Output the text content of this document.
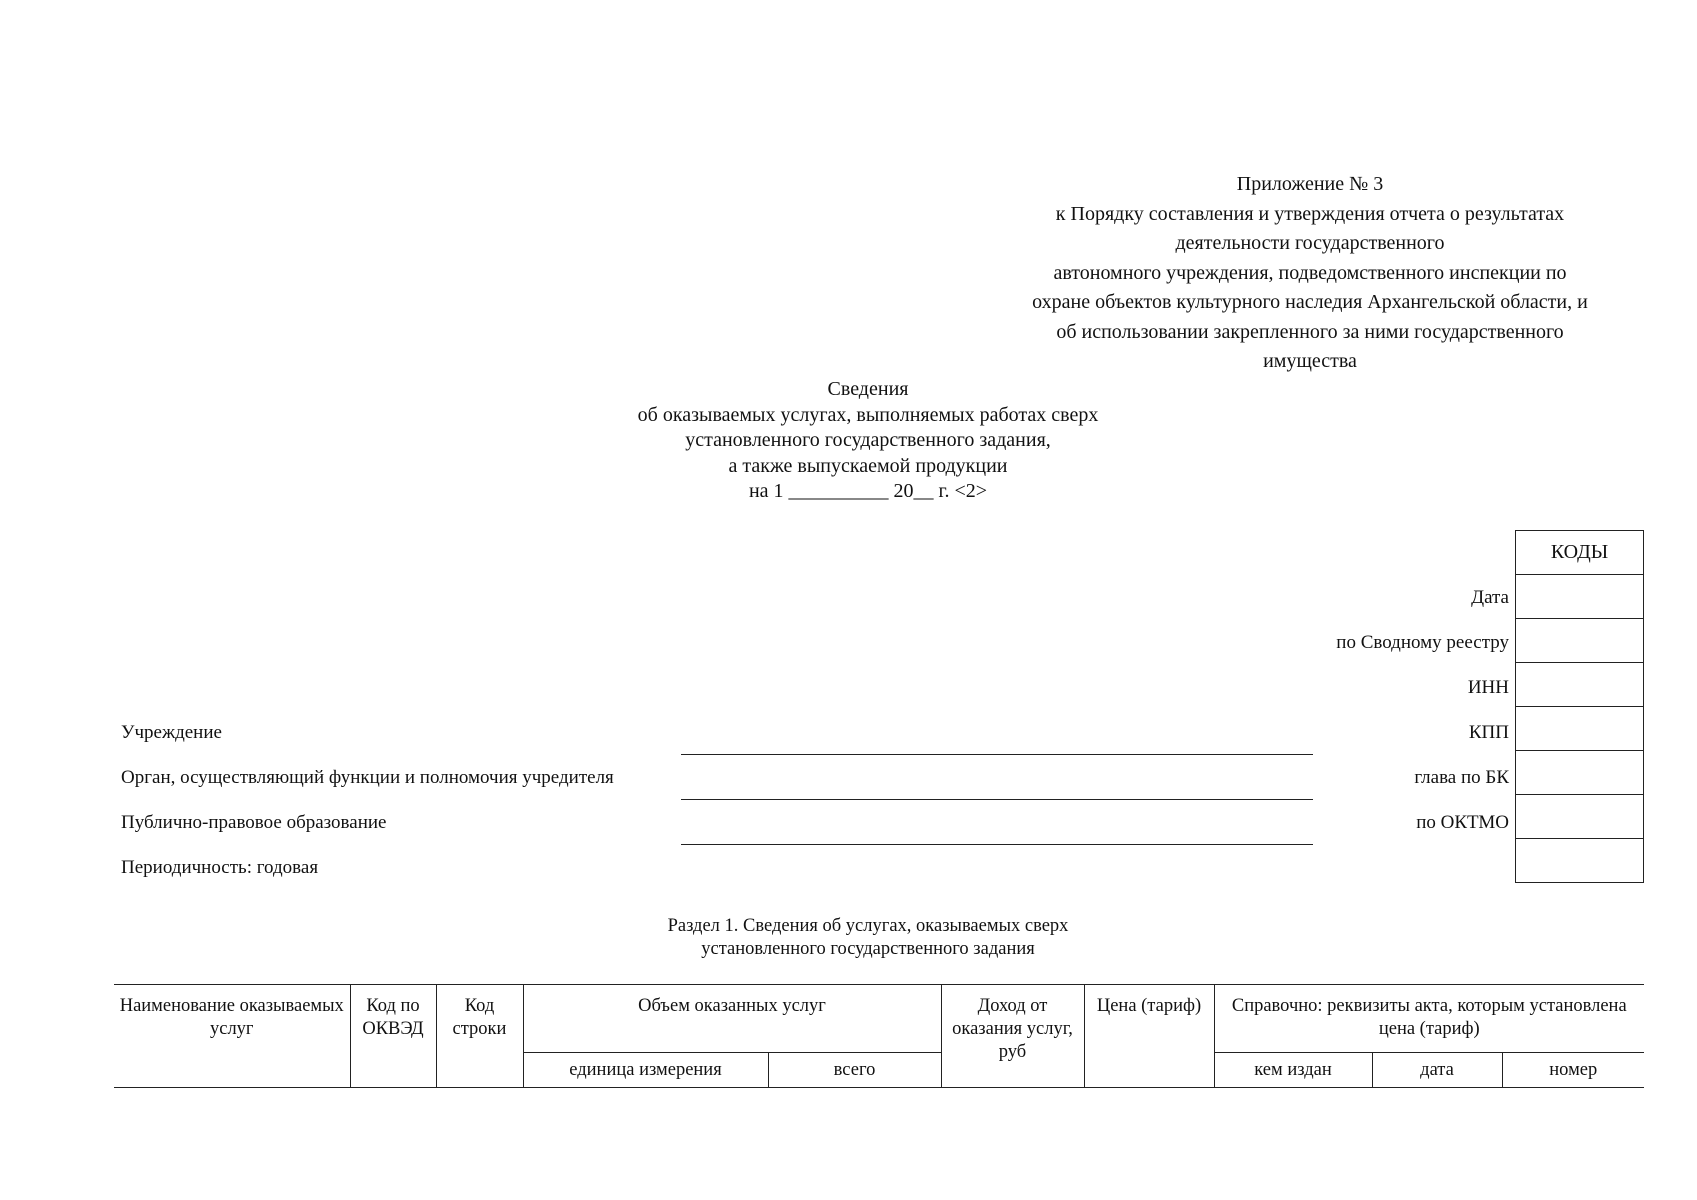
Приложение № 3
к Порядку составления и утверждения отчета о результатах
деятельности государственного
автономного учреждения, подведомственного инспекции по
охране объектов культурного наследия Архангельской области, и
об использовании закрепленного за ними государственного
имущества
Сведения
об оказываемых услугах, выполняемых работах сверх
установленного государственного задания,
а также выпускаемой продукции
на 1 __________ 20__ г. <2>
КОДЫ

Дата
по Сводному реестру
ИНН
КПП
глава по БК
по ОКТМО
Учреждение
Орган, осуществляющий функции и полномочия учредителя
Публично-правовое образование
Периодичность: годовая
Раздел 1. Сведения об услугах, оказываемых сверх
установленного государственного задания
Наименование оказываемых услуг	Код по ОКВЭД	Код строки	Объем оказанных услуг		Доход от оказания услуг, руб	Цена (тариф)	Справочно: реквизиты акта, которым установлена цена (тариф)		
			единица измерения	всего			кем издан	дата	номер
